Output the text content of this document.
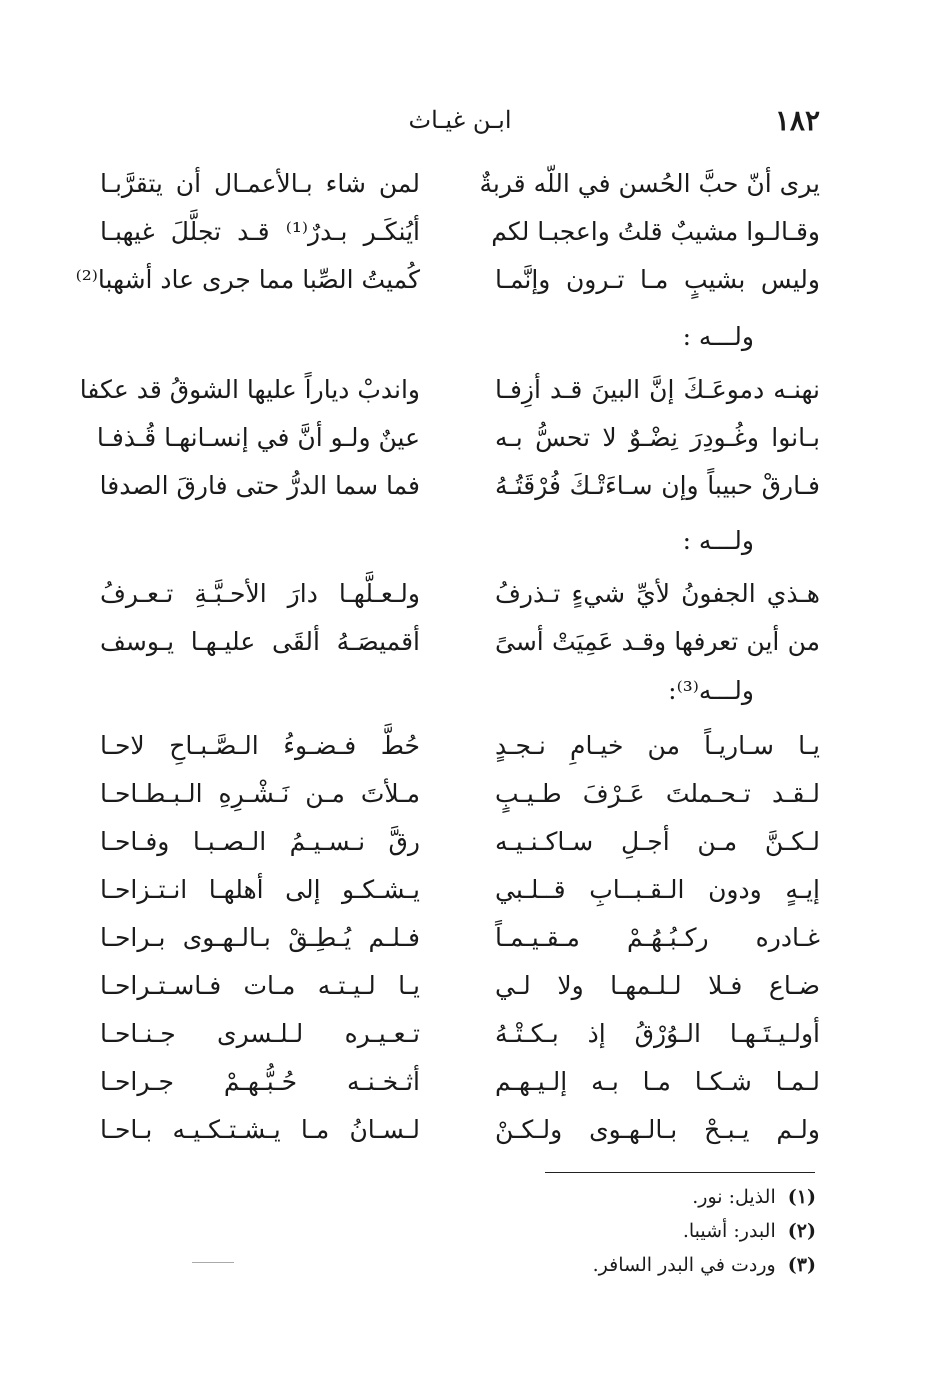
١٨٢
ابـن غيـاث
يرى أنّ حبَّ الحُسن في اللّه قربةٌ
لمن شاء بـالأعمـال أن يتقرَّبـا
وقـالـوا مشيبٌ قلتُ واعجبـا لكم
أيُنكَـر بـدرٌ⁽¹⁾ قـد تجلَّلَ غيهبـا
وليس بشيبٍ مـا تـرون وإنَّمـا
كُميتُ الصِّبا مما جرى عاد أشهبا⁽²⁾
ولـــه :
نهنـه دموعَـكَ إنَّ البينَ قـد أزِفـا
واندبْ دياراً عليها الشوقُ قد عكفا
بـانوا وغُـودِرَ نِضْـوٌ لا تحسُّ بـه
عينٌ ولـو أنَّ في إنسـانهـا قُـذفـا
فـارقْ حبيباً وإن سـاءَتْـكَ فُرْقَتُـهُ
فما سما الدرُّ حتى فارقَ الصدفا
ولـــه :
هـذي الجفونُ لأيِّ شيءٍ تـذرفُ
ولـعـلَّهـا دارَ الأحـبَّـةِ تـعـرفُ
من أين تعرفها وقـد عَمِيَتْ أسىً
أقميصَـهُ ألقَى عليـهـا يـوسف
ولـــه⁽³⁾:
يـا سـاريـاً من خيـامِ نـجـدٍ
حُطَّ فـضـوءُ الـصَّـبـاحِ لاحـا
لـقـد تـحـملتَ عَـرْفَ طـيـبٍ
مـلأتَ مـن نَـشْـرِهِ الـبـطـاحـا
لـكـنَّ مـن أجـلِ سـاكـنـيـه
رقَّ نـسـيـمُ الـصـبـا وفـاحـا
إيـهٍ ودون الـقـبــابِ قــلـبي
يـشـكـو إلى أهلهـا انـتـزاحـا
غـادره ركـبُـهُـمْ مـقـيـمـاً
فـلـم يُـطِـقْ بـالـهـوى بـراحـا
ضـاع فـلا لـلـمهـا ولا لـي
يـا لـيـتـه مـات فـاسـتـراحـا
أولـيـتَـهـا الـوُرْقُ إذ بـكـتْـهُ
تـعـيـره لـلـسرى جـنـاحـا
لـمـا شـكـا مـا بـه إلـيـهـم
أثـخـنـه حُـبُّـهـمْ جـراحـا
ولـم يـبـحْ بـالـهـوى ولـكـنْ
لـسـانُ مـا يـشـتـكـيـه بـاحـا
(١) الذيل: نور.
(٢) البدر: أشيبا.
(٣) وردت في البدر السافر.
